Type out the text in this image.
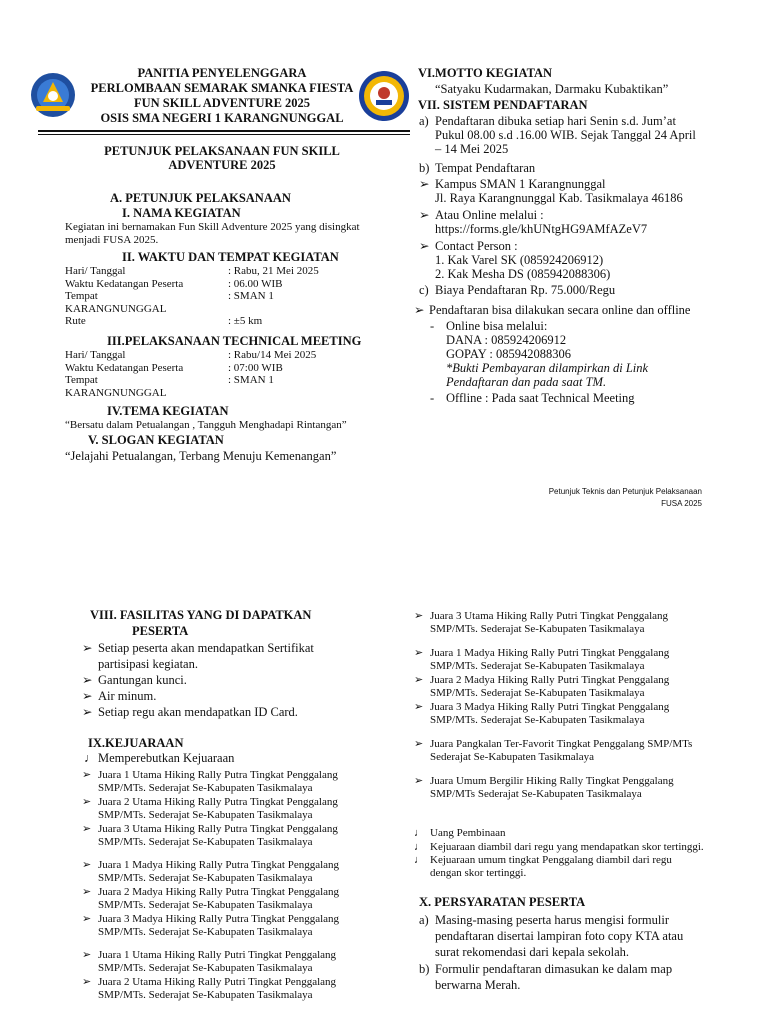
PANITIA PENYELENGGARA
PERLOMBAAN SEMARAK SMANKA FIESTA
FUN SKILL ADVENTURE 2025
OSIS SMA NEGERI 1 KARANGNUNGGAL
PETUNJUK PELAKSANAAN FUN SKILL
ADVENTURE 2025
A. PETUNJUK PELAKSANAAN
I. NAMA KEGIATAN
Kegiatan ini bernamakan Fun Skill Adventure 2025 yang disingkat
menjadi FUSA 2025.
II. WAKTU DAN TEMPAT KEGIATAN
Hari/ Tanggal	: Rabu, 21 Mei 2025
Waktu Kedatangan Peserta	: 06.00 WIB
Tempat	: SMAN 1
KARANGNUNGGAL
Rute	: ±5 km
III.PELAKSANAAN TECHNICAL MEETING
Hari/ Tanggal	: Rabu/14 Mei 2025
Waktu Kedatangan Peserta	: 07:00 WIB
Tempat	: SMAN 1
KARANGNUNGGAL
IV.TEMA KEGIATAN
“Bersatu dalam Petualangan , Tangguh Menghadapi Rintangan”
V. SLOGAN KEGIATAN
“Jelajahi Petualangan, Terbang Menuju Kemenangan”
VI.MOTTO KEGIATAN
“Satyaku Kudarmakan, Darmaku Kubaktikan”
VII. SISTEM PENDAFTARAN
a) Pendaftaran dibuka setiap hari Senin s.d. Jum’at
Pukul 08.00 s.d .16.00 WIB. Sejak Tanggal 24 April
– 14 Mei 2025
b) Tempat Pendaftaran
➢ Kampus SMAN 1 Karangnunggal
Jl. Raya Karangnunggal Kab. Tasikmalaya 46186
➢ Atau Online melalui :
https://forms.gle/khUNtgHG9AMfAZeV7
➢ Contact Person :
1. Kak Varel SK (085924206912)
2. Kak Mesha DS (085942088306)
c) Biaya Pendaftaran Rp. 75.000/Regu
➢ Pendaftaran bisa dilakukan secara online dan offline
- Online bisa melalui:
DANA : 085924206912
GOPAY : 085942088306
*Bukti Pembayaran dilampirkan di Link
Pendaftaran dan pada saat TM.
- Offline : Pada saat Technical Meeting
Petunjuk Teknis dan Petunjuk Pelaksanaan
FUSA 2025
VIII. FASILITAS YANG DI DAPATKAN
PESERTA
➢ Setiap peserta akan mendapatkan Sertifikat
partisipasi kegiatan.
➢ Gantungan kunci.
➢ Air minum.
➢ Setiap regu akan mendapatkan ID Card.
IX.KEJUARAAN
♩ Memperebutkan Kejuaraan
➢ Juara 1 Utama Hiking Rally Putra Tingkat Penggalang
SMP/MTs. Sederajat Se-Kabupaten Tasikmalaya
➢ Juara 2 Utama Hiking Rally Putra Tingkat Penggalang
SMP/MTs. Sederajat Se-Kabupaten Tasikmalaya
➢ Juara 3 Utama Hiking Rally Putra Tingkat Penggalang
SMP/MTs. Sederajat Se-Kabupaten Tasikmalaya
➢ Juara 1 Madya Hiking Rally Putra Tingkat Penggalang
SMP/MTs. Sederajat Se-Kabupaten Tasikmalaya
➢ Juara 2 Madya Hiking Rally Putra Tingkat Penggalang
SMP/MTs. Sederajat Se-Kabupaten Tasikmalaya
➢ Juara 3 Madya Hiking Rally Putra Tingkat Penggalang
SMP/MTs. Sederajat Se-Kabupaten Tasikmalaya
➢ Juara 1 Utama Hiking Rally Putri Tingkat Penggalang
SMP/MTs. Sederajat Se-Kabupaten Tasikmalaya
➢ Juara 2 Utama Hiking Rally Putri Tingkat Penggalang
SMP/MTs. Sederajat Se-Kabupaten Tasikmalaya
➢ Juara 3 Utama Hiking Rally Putri Tingkat Penggalang
SMP/MTs. Sederajat Se-Kabupaten Tasikmalaya
➢ Juara 1 Madya Hiking Rally Putri Tingkat Penggalang
SMP/MTs. Sederajat Se-Kabupaten Tasikmalaya
➢ Juara 2 Madya Hiking Rally Putri Tingkat Penggalang
SMP/MTs. Sederajat Se-Kabupaten Tasikmalaya
➢ Juara 3 Madya Hiking Rally Putri Tingkat Penggalang
SMP/MTs. Sederajat Se-Kabupaten Tasikmalaya
➢ Juara Pangkalan Ter-Favorit Tingkat Penggalang SMP/MTs
Sederajat Se-Kabupaten Tasikmalaya
➢ Juara Umum Bergilir Hiking Rally Tingkat Penggalang
SMP/MTs Sederajat Se-Kabupaten Tasikmalaya
♩ Uang Pembinaan
♩ Kejuaraan diambil dari regu yang mendapatkan skor tertinggi.
♩ Kejuaraan umum tingkat Penggalang diambil dari regu
dengan skor tertinggi.
X. PERSYARATAN PESERTA
a) Masing-masing peserta harus mengisi formulir
pendaftaran disertai lampiran foto copy KTA atau
surat rekomendasi dari kepala sekolah.
b) Formulir pendaftaran dimasukan ke dalam map
berwarna Merah.
